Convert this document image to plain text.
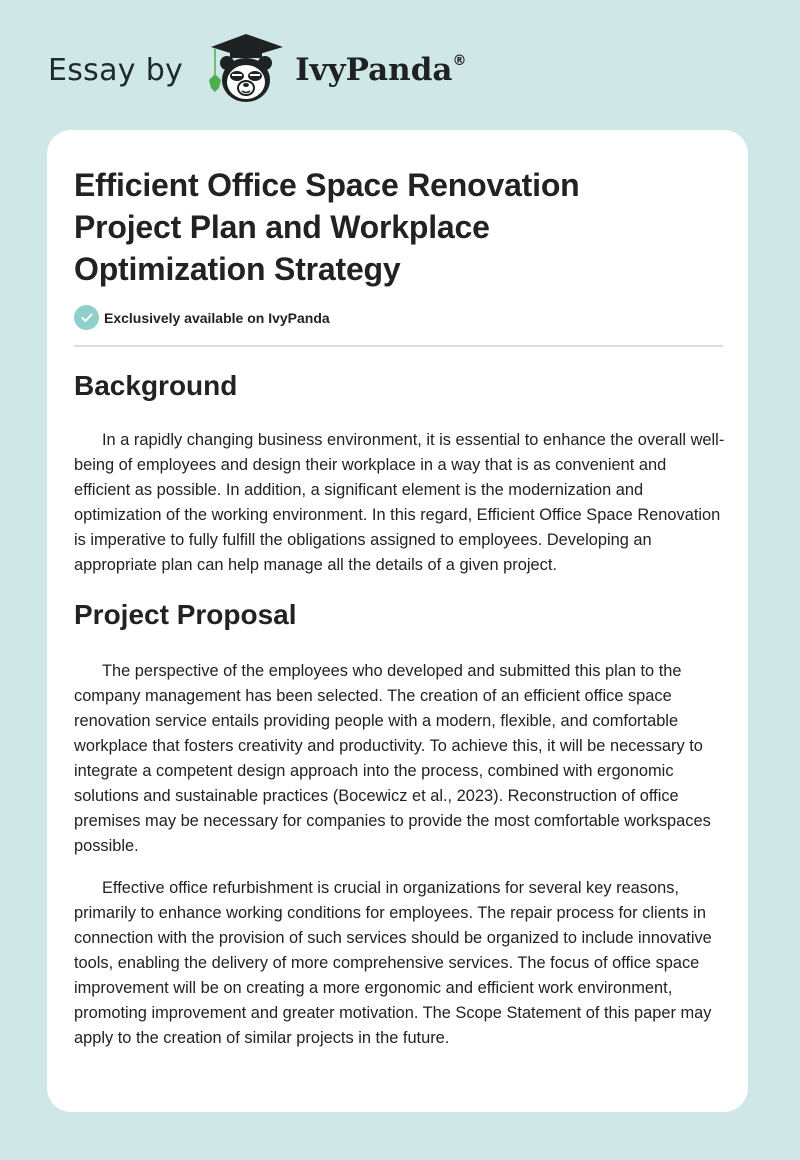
Essay by	IvyPanda®
Efficient Office Space Renovation Project Plan and Workplace Optimization Strategy
Exclusively available on IvyPanda
Background

In a rapidly changing business environment, it is essential to enhance the overall well-being of employees and design their workplace in a way that is as convenient and efficient as possible. In addition, a significant element is the modernization and optimization of the working environment. In this regard, Efficient Office Space Renovation is imperative to fully fulfill the obligations assigned to employees. Developing an appropriate plan can help manage all the details of a given project.

Project Proposal

The perspective of the employees who developed and submitted this plan to the company management has been selected. The creation of an efficient office space renovation service entails providing people with a modern, flexible, and comfortable workplace that fosters creativity and productivity. To achieve this, it will be necessary to integrate a competent design approach into the process, combined with ergonomic solutions and sustainable practices (Bocewicz et al., 2023). Reconstruction of office premises may be necessary for companies to provide the most comfortable workspaces possible.

Effective office refurbishment is crucial in organizations for several key reasons, primarily to enhance working conditions for employees. The repair process for clients in connection with the provision of such services should be organized to include innovative tools, enabling the delivery of more comprehensive services. The focus of office space improvement will be on creating a more ergonomic and efficient work environment, promoting improvement and greater motivation. The Scope Statement of this paper may apply to the creation of similar projects in the future.
